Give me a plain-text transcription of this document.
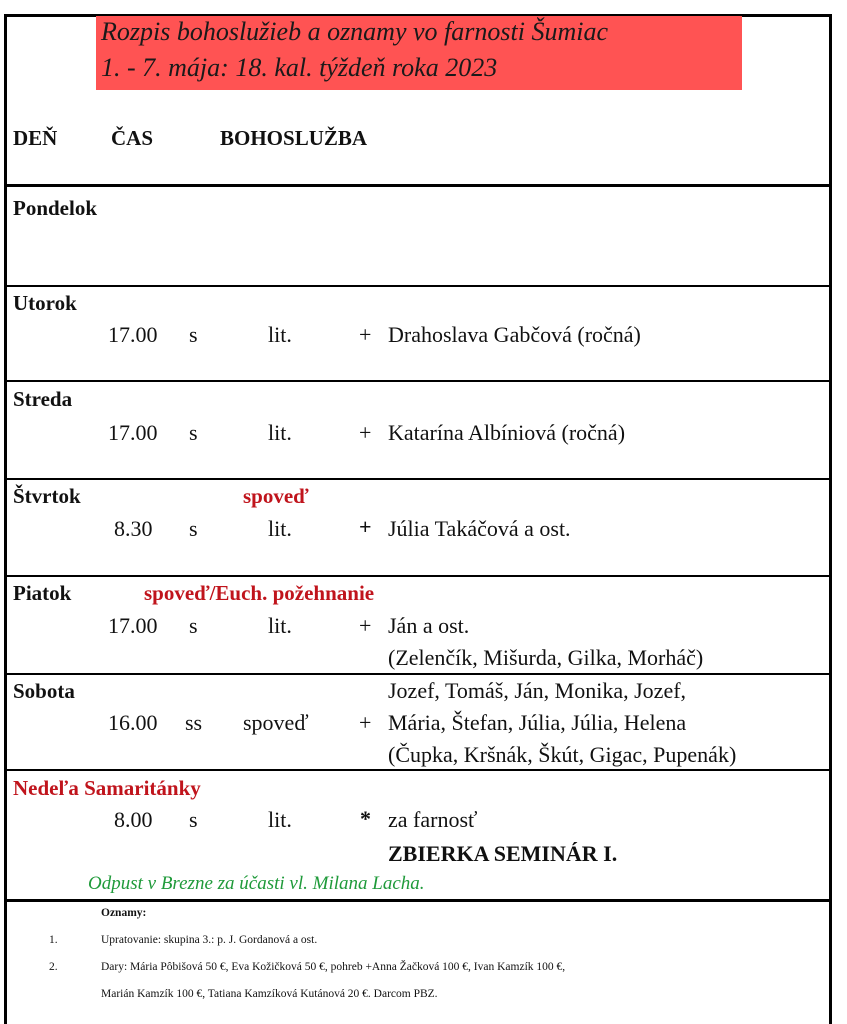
Rozpis bohoslužieb a oznamy vo farnosti Šumiac
1. - 7. mája: 18. kal. týždeň roka 2023
DEŇ	ČAS	BOHOSLUŽBA
Pondelok
Utorok
17.00 s	lit.	+ Drahoslava Gabčová (ročná)
Streda
17.00 s	lit.	+ Katarína Albíniová (ročná)
Štvrtok	spoveď
8.30 s	lit.	+ Júlia Takáčová a ost.
Piatok	spoveď/Euch. požehnanie
17.00 s	lit.	+ Ján a ost.
(Zelenčík, Mišurda, Gilka, Morháč)
Sobota	Jozef, Tomáš, Ján, Monika, Jozef,
16.00 ss spoveď + Mária, Štefan, Júlia, Júlia, Helena
(Čupka, Kršnák, Škút, Gigac, Pupenák)
Nedeľa Samaritánky
8.00 s	lit.	* za farnosť
ZBIERKA SEMINÁR I.
Odpust v Brezne za účasti vl. Milana Lacha.
Oznamy:
1.	Upratovanie: skupina 3.: p. J. Gordanová a ost.
2.	Dary: Mária Pôbišová 50 €, Eva Kožičková 50 €, pohreb +Anna Žačková 100 €, Ivan Kamzík 100 €,
Marián Kamzík 100 €, Tatiana Kamzíková Kutánová 20 €. Darcom PBZ.
